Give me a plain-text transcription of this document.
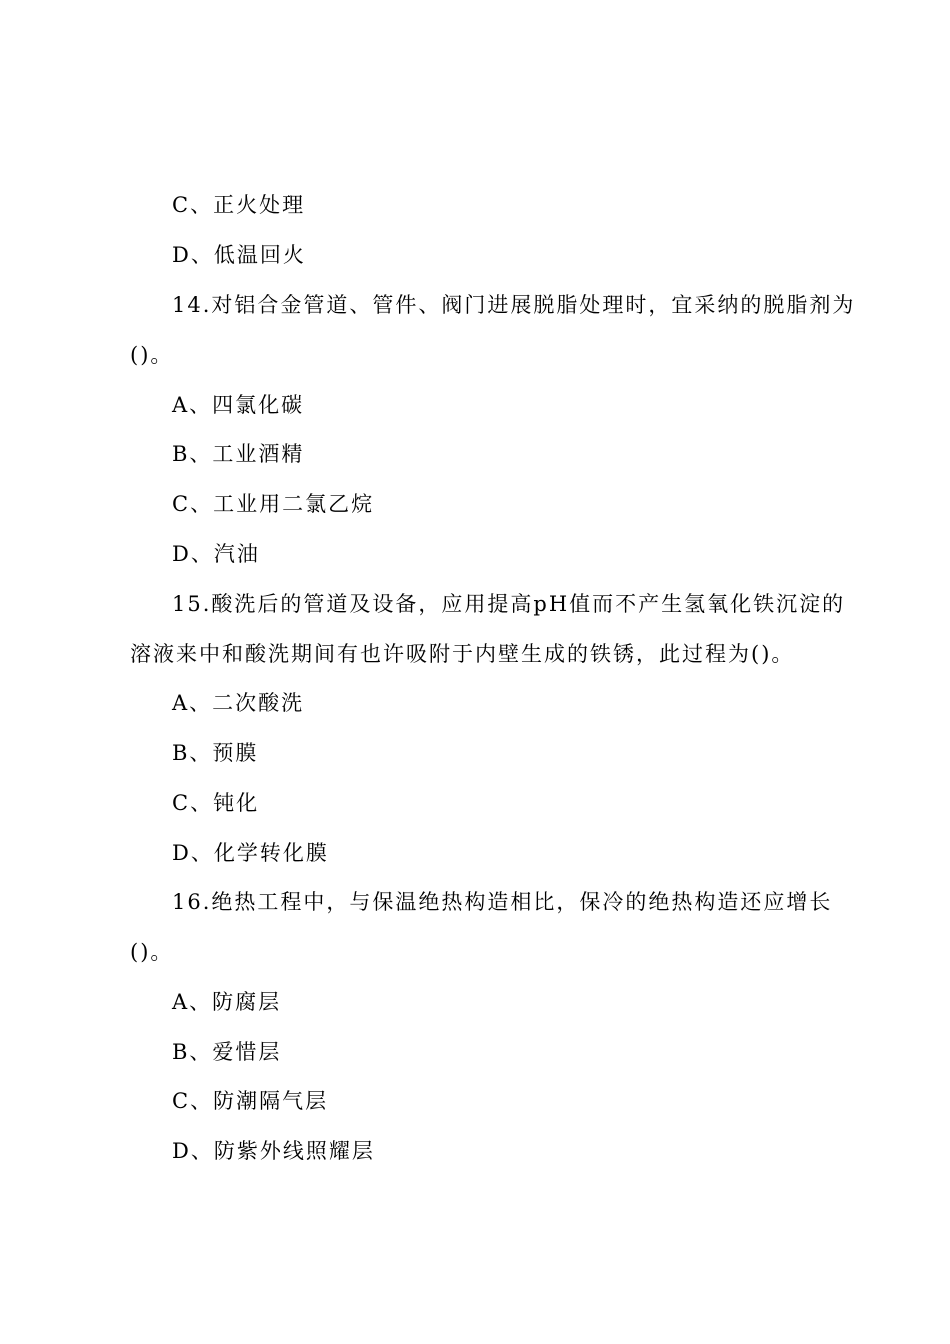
C、正火处理
D、低温回火
14.对铝合金管道、管件、阀门进展脱脂处理时，宜采纳的脱脂剂为
()。
A、四氯化碳
B、工业酒精
C、工业用二氯乙烷
D、汽油
15.酸洗后的管道及设备，应用提高pH值而不产生氢氧化铁沉淀的
溶液来中和酸洗期间有也许吸附于内壁生成的铁锈，此过程为()。
A、二次酸洗
B、预膜
C、钝化
D、化学转化膜
16.绝热工程中，与保温绝热构造相比，保冷的绝热构造还应增长
()。
A、防腐层
B、爱惜层
C、防潮隔气层
D、防紫外线照耀层
